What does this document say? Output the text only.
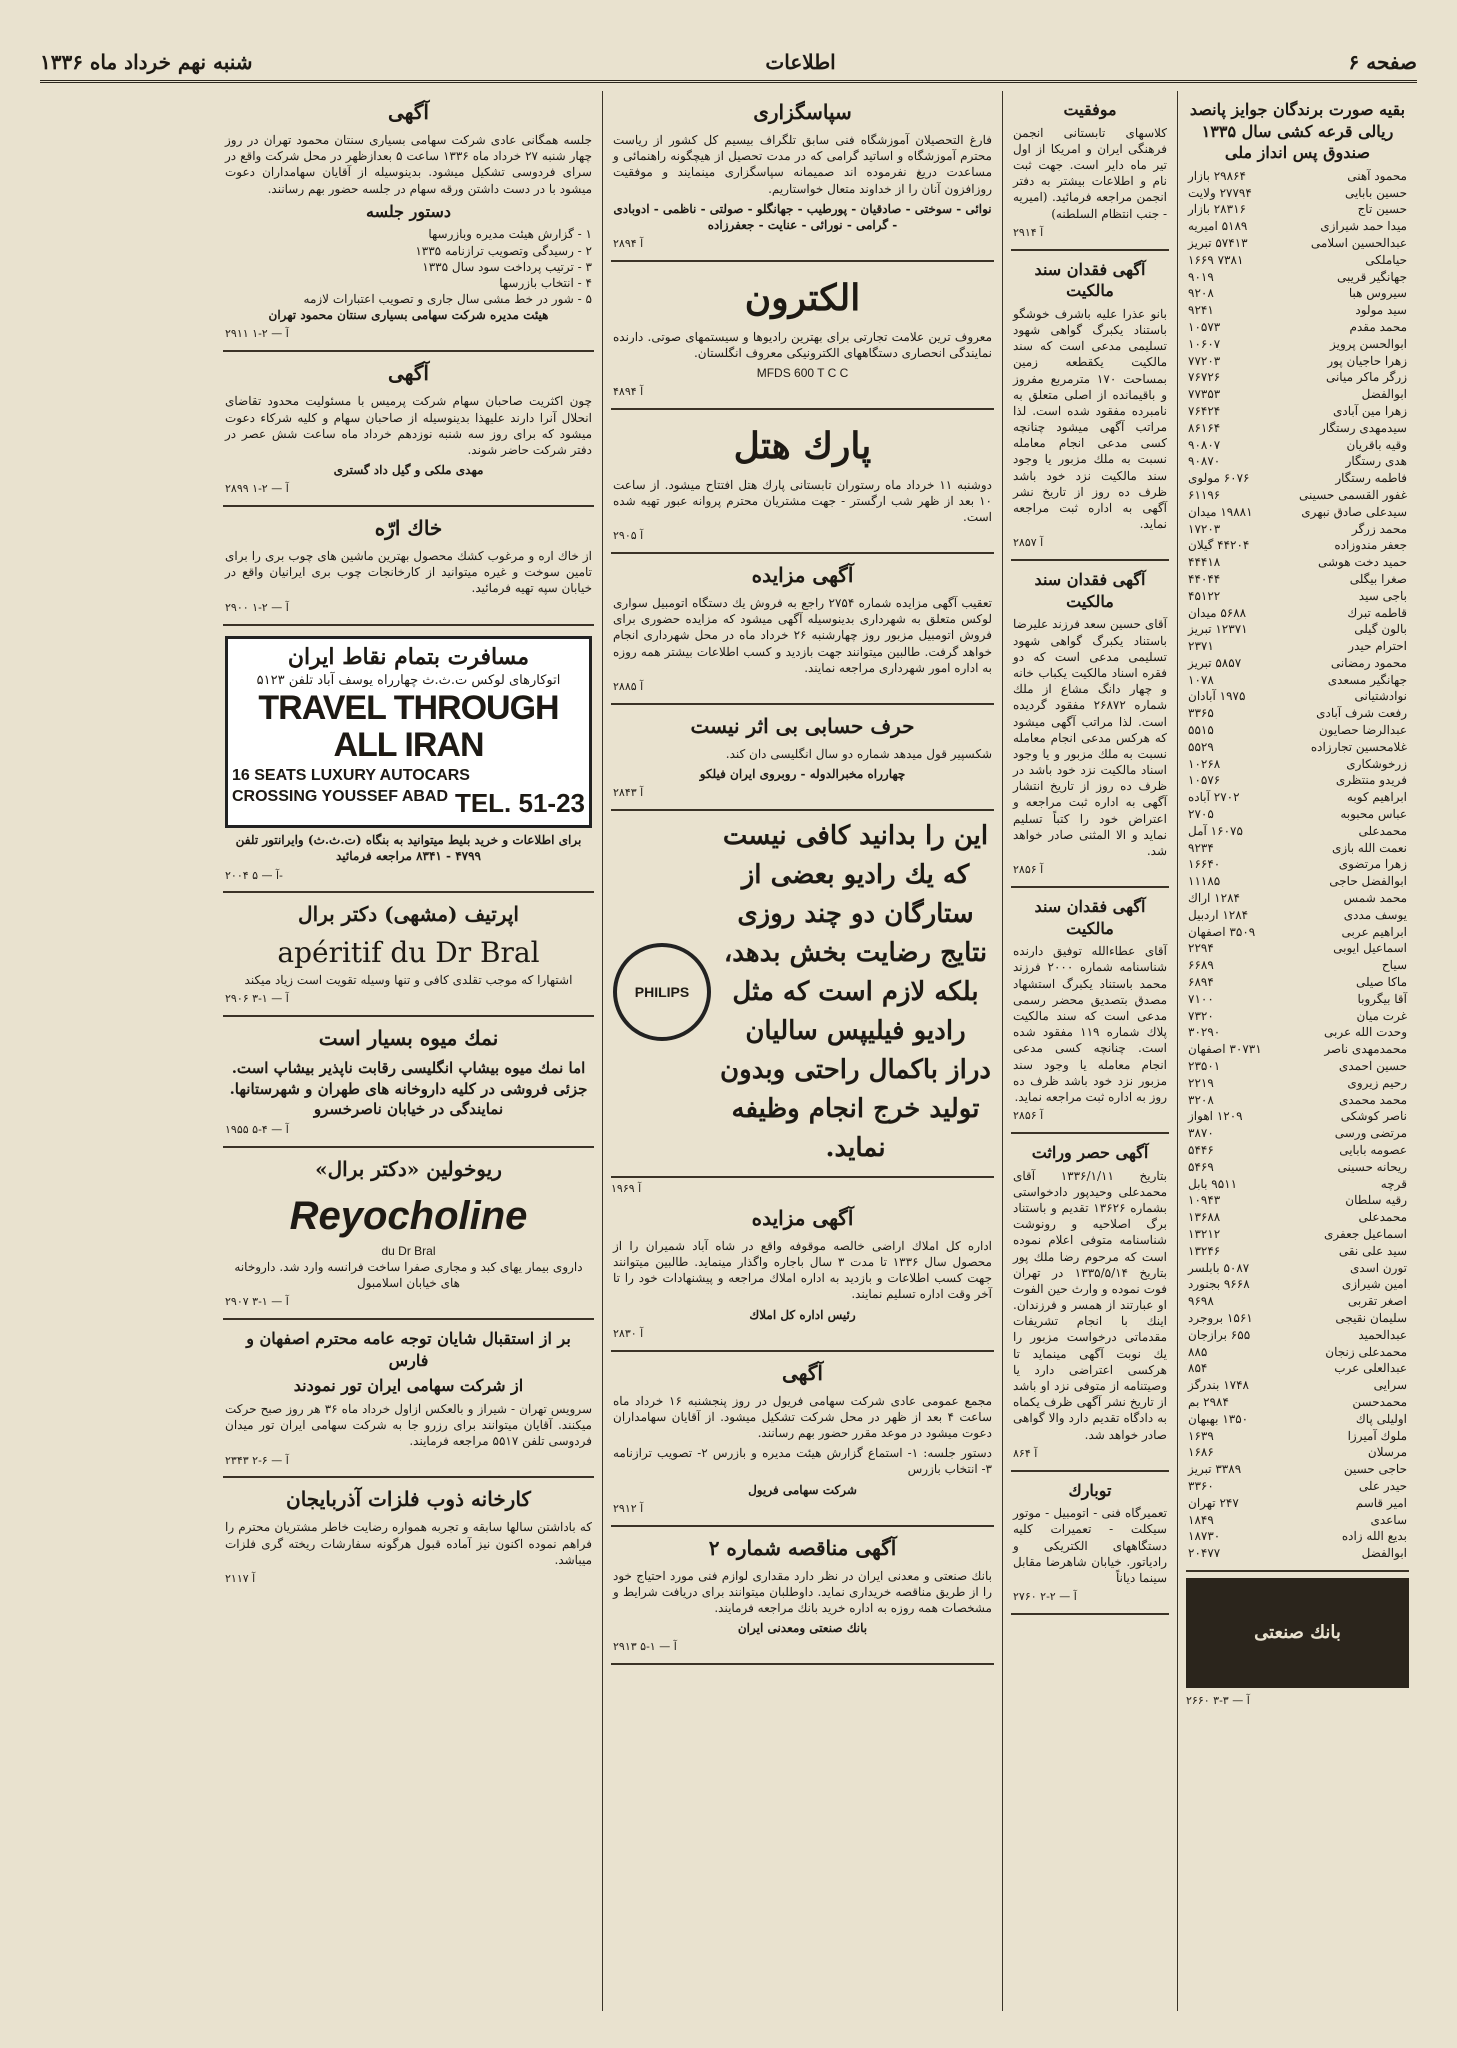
صفحه ۶
اطلاعات
شنبه نهم خرداد ماه ۱۳۳۶
بقيه صورت برندگان جوايز پانصد ريالى قرعه كشى سال ۱۳۳۵ صندوق پس انداز ملى
محمود آهنى
۲۹۸۶۴ بازار
حسين بابايى
۲۷۷۹۴ ولايت
حسين تاج
۲۸۳۱۶ بازار
ميدا حمد شيرازى
۵۱۸۹ اميريه
عبدالحسين اسلامى
۵۷۴۱۳ تبريز
حياملكى
۷۳۸۱ ۱۶۶۹
جهانگير قريبى
۹۰۱۹
سيروس هبا
۹۲۰۸
سيد مولود
۹۲۴۱
محمد مقدم
۱۰۵۷۳
ابوالحسن پرويز
۱۰۶۰۷
زهرا حاجيان پور
۷۷۲۰۳
زرگر ماكر ميانى
۷۶۷۲۶
ابوالفضل
۷۷۳۵۳
زهرا مين آبادى
۷۶۴۲۴
سيدمهدى رستگار
۸۶۱۶۴
وقيه باقريان
۹۰۸۰۷
هدى رستگار
۹۰۸۷۰
فاطمه رستگار
۶۰۷۶ مولوى
غفور القسمى حسينى
۶۱۱۹۶
سيدعلى صادق نبهرى
۱۹۸۸۱ ميدان
محمد زرگر
۱۷۲۰۳
جعفر مندوزاده
۴۴۲۰۴ گيلان
حميد دخت هوشى
۴۴۴۱۸
صغرا بيگلى
۴۴۰۴۴
باجى سيد
۴۵۱۲۲
قاطمه تبرك
۵۶۸۸ ميدان
بالون گيلى
۱۲۳۷۱ تبريز
احترام حيدر
۲۳۷۱
محمود رمضانى
۵۸۵۷ تبريز
جهانگير مسعدى
۱۰۷۸
نوادشتيانى
۱۹۷۵ آبادان
رفعت شرف آبادى
۳۳۶۵
عبدالرضا حصايون
۵۵۱۵
غلامحسين تجارزاده
۵۵۲۹
زرخوشكارى
۱۰۲۶۸
فريدو منتظرى
۱۰۵۷۶
ابراهيم كوبه
۲۷۰۲ آباده
عباس محبوبه
۲۷۰۵
محمدعلى
۱۶۰۷۵ آمل
نعمت الله بازى
۹۲۳۴
زهرا مرتضوى
۱۶۶۴۰
ابوالفضل حاجى
۱۱۱۸۵
محمد شمس
۱۲۸۴ اراك
يوسف مددى
۱۲۸۴ اردبيل
ابراهيم عربى
۳۵۰۹ اصفهان
اسماعيل ايوبى
۲۲۹۴
سياح
۶۶۸۹
ماكا صيلى
۶۸۹۴
آقا بيگروبا
۷۱۰۰
غرت ميان
۷۳۲۰
وحدت الله عربى
۳۰۲۹۰
محمدمهدى ناصر
۳۰۷۳۱ اصفهان
حسين احمدى
۲۳۵۰۱
رحيم زيروى
۲۲۱۹
محمد محمدى
۳۲۰۸
ناصر كوشكى
۱۲۰۹ اهواز
مرتضى ورسى
۳۸۷۰
عصومه بابايى
۵۴۴۶
ريحانه حسينى
۵۴۶۹
قرچه
۹۵۱۱ بابل
رقيه سلطان
۱۰۹۴۳
محمدعلى
۱۳۶۸۸
اسماعيل جعفرى
۱۳۲۱۲
سيد على نقى
۱۳۲۴۶
تورن اسدى
۵۰۸۷ بابلسر
امين شيرازى
۹۶۶۸ بجنورد
اصغر تقربى
۹۶۹۸
سليمان نقيجى
۱۵۶۱ بروجرد
عبدالحميد
۶۵۵ برازجان
محمدعلى زنجان
۸۸۵
عبدالعلى عرب
۸۵۴
سرايى
۱۷۴۸ بندرگز
محمدحسن
۲۹۸۴ بم
اوليلى پاك
۱۳۵۰ بهبهان
ملوك آميرزا
۱۶۳۹
مرسلان
۱۶۸۶
حاجى حسين
۳۳۸۹ تبريز
حيدر على
۳۳۶۰
امير قاسم
۲۴۷ تهران
ساعدى
۱۸۴۹
بديع الله زاده
۱۸۷۳۰
ابوالفضل
۲۰۴۷۷
بانك صنعتى
۲۶۶۰ آ — ۳-۳
موفقيت

كلاسهاى تابستانى انجمن فرهنگى ايران و امريكا از اول تير ماه داير است. جهت ثبت نام و اطلاعات بيشتر به دفتر انجمن مراجعه فرمائيد. (اميريه - جنب انتظام السلطنه)

۲۹۱۴ آ
آگهى فقدان سند مالكيت

بانو عذرا عليه باشرف خوشگو باستناد يكبرگ گواهى شهود تسليمى مدعى است كه سند مالكيت يكقطعه زمين بمساحت ۱۷۰ مترمربع مفروز و باقيمانده از اصلى متعلق به نامبرده مفقود شده است. لذا مراتب آگهى ميشود چنانچه كسى مدعى انجام معامله نسبت به ملك مزبور يا وجود سند مالكيت نزد خود باشد ظرف ده روز از تاريخ نشر آگهى به اداره ثبت مراجعه نمايد.

۲۸۵۷ آ
آگهى فقدان سند مالكيت

آقاى حسين سعد فرزند عليرضا باستناد يكبرگ گواهى شهود تسليمى مدعى است كه دو فقره اسناد مالكيت يكباب خانه و چهار دانگ مشاع از ملك شماره ۲۶۸۷۲ مفقود گرديده است. لذا مراتب آگهى ميشود كه هركس مدعى انجام معامله نسبت به ملك مزبور و يا وجود اسناد مالكيت نزد خود باشد در ظرف ده روز از تاريخ انتشار آگهى به اداره ثبت مراجعه و اعتراض خود را كتباً تسليم نمايد و الا المثنى صادر خواهد شد.

۲۸۵۶ آ
آگهى فقدان سند مالكيت

آقاى عطاءالله توفيق دارنده شناسنامه شماره ۲۰۰۰ فرزند محمد باستناد يكبرگ استشهاد مصدق بتصديق محضر رسمى مدعى است كه سند مالكيت پلاك شماره ۱۱۹ مفقود شده است. چنانچه كسى مدعى انجام معامله يا وجود سند مزبور نزد خود باشد ظرف ده روز به اداره ثبت مراجعه نمايد.

۲۸۵۶ آ
آگهى حصر وراثت

بتاريخ ۱۳۳۶/۱/۱۱ آقاى محمدعلى وحيدپور دادخواستى بشماره ۱۳۶۲۶ تقديم و باستناد برگ اصلاحيه و رونوشت شناسنامه متوفى اعلام نموده است كه مرحوم رضا ملك پور بتاريخ ۱۳۳۵/۵/۱۴ در تهران فوت نموده و وارث حين الفوت او عبارتند از همسر و فرزندان. اينك با انجام تشريفات مقدماتى درخواست مزبور را يك نوبت آگهى مينمايد تا هركسى اعتراضى دارد يا وصيتنامه از متوفى نزد او باشد از تاريخ نشر آگهى ظرف يكماه به دادگاه تقديم دارد والا گواهى صادر خواهد شد.

۸۶۴ آ
توبارك

تعميرگاه فنى - اتومبيل - موتور سيكلت - تعميرات كليه دستگاههاى الكتريكى و رادياتور. خيابان شاهرضا مقابل سينما دياناً

۲۷۶۰ آ — ۲-۲
سپاسگزارى

فارغ التحصيلان آموزشگاه فنى سابق تلگراف بيسيم كل كشور از رياست محترم آموزشگاه و اساتيد گرامى كه در مدت تحصيل از هيچگونه راهنمائى و مساعدت دريغ نفرموده اند صميمانه سپاسگزارى مينمايند و موفقيت روزافزون آنان را از خداوند متعال خواستاريم.

نوائى - سوختى - صادقيان - پورطيب - جهانگلو - صولتى - ناظمى - ادوبادى - گرامى - نورائى - عنايت - جعفرزاده

۲۸۹۴ آ
الكترون

معروف ترين علامت تجارتى براى بهترين راديوها و سيستمهاى صوتى. دارنده نمايندگى انحصارى دستگاههاى الكترونيكى معروف انگلستان.

MFDS 600 T C C
۴۸۹۴ آ
پارك هتل

دوشنبه ۱۱ خرداد ماه رستوران تابستانى پارك هتل افتتاح ميشود. از ساعت ۱۰ بعد از ظهر شب ارگستر - جهت مشتريان محترم پروانه عبور تهيه شده است.

۲۹۰۵ آ
آگهى مزايده

تعقيب آگهى مزايده شماره ۲۷۵۴ راجع به فروش يك دستگاه اتومبيل سوارى لوكس متعلق به شهردارى بدينوسيله آگهى ميشود كه مزايده حضورى براى فروش اتومبيل مزبور روز چهارشنبه ۲۶ خرداد ماه در محل شهردارى انجام خواهد گرفت. طالبين ميتوانند جهت بازديد و كسب اطلاعات بيشتر همه روزه به اداره امور شهردارى مراجعه نمايند.

۲۸۸۵ آ
حرف حسابى بى اثر نيست

شكسپير قول ميدهد شماره دو سال انگليسى دان كند.

چهارراه مخبرالدوله - روبروى ايران فيلكو

۲۸۴۳ آ
اين را بدانيد كافى نيست كه يك راديو بعضى از ستارگان دو چند روزى نتايج رضايت بخش بدهد، بلكه لازم است كه مثل راديو فيليپس ساليان دراز باكمال راحتى وبدون توليد خرج انجام وظيفه نمايد.
PHILIPS
۱۹۶۹ آ
آگهى مزايده

اداره كل املاك اراضى خالصه موقوفه واقع در شاه آباد شميران را از محصول سال ۱۳۳۶ تا مدت ۳ سال باجاره واگذار مينمايد. طالبين ميتوانند جهت كسب اطلاعات و بازديد به اداره املاك مراجعه و پيشنهادات خود را تا آخر وقت اداره تسليم نمايند.

رئيس اداره كل املاك

۲۸۳۰ آ
آگهى

مجمع عمومى عادى شركت سهامى فريول در روز پنجشنبه ۱۶ خرداد ماه ساعت ۴ بعد از ظهر در محل شركت تشكيل ميشود. از آقايان سهامداران دعوت ميشود در موعد مقرر حضور بهم رسانند.

دستور جلسه: ۱- استماع گزارش هيئت مديره و بازرس ۲- تصويب ترازنامه ۳- انتخاب بازرس

شركت سهامى فريول

۲۹۱۲ آ
آگهى مناقصه شماره ۲

بانك صنعتى و معدنى ايران در نظر دارد مقدارى لوازم فنى مورد احتياج خود را از طريق مناقصه خريدارى نمايد. داوطلبان ميتوانند براى دريافت شرايط و مشخصات همه روزه به اداره خريد بانك مراجعه فرمايند.

بانك صنعتى ومعدنى ايران

۲۹۱۳ آ — ۱-۵
آگهى

جلسه همگانى عادى شركت سهامى بسيارى سنتان محمود تهران در روز چهار شنبه ۲۷ خرداد ماه ۱۳۳۶ ساعت ۵ بعدازظهر در محل شركت واقع در سراى فردوسى تشكيل ميشود. بدينوسيله از آقايان سهامداران دعوت ميشود با در دست داشتن ورقه سهام در جلسه حضور بهم رسانند.

دستور جلسه
۱ - گزارش هيئت مديره وبازرسها
۲ - رسيدگى وتصويب ترازنامه ۱۳۳۵
۳ - ترتيب پرداخت سود سال ۱۳۳۵
۴ - انتخاب بازرسها
۵ - شور در خط مشى سال جارى و تصويب اعتبارات لازمه

هيئت مديره شركت سهامى بسيارى سنتان محمود تهران

۲۹۱۱ آ — ۲-۱
آگهى

چون اكثريت صاحبان سهام شركت پرميس با مسئوليت محدود تقاضاى انحلال آنرا دارند عليهذا بدينوسيله از صاحبان سهام و كليه شركاء دعوت ميشود كه براى روز سه شنبه نوزدهم خرداد ماه ساعت شش عصر در دفتر شركت حاضر شوند.

مهدى ملكى و گيل داد گسترى

۲۸۹۹ آ — ۲-۱
خاك ارّه

از خاك اره و مرغوب كشك محصول بهترين ماشين هاى چوب برى را براى تامين سوخت و غيره ميتوانيد از كارخانجات چوب برى ايرانيان واقع در خيابان سپه تهيه فرمائيد.

۲۹۰۰ آ — ۲-۱
مسافرت بتمام نقاط ايران
اتوكارهاى لوكس ت.ث.ث چهارراه يوسف آباد تلفن ۵۱۲۳
TRAVEL THROUGH ALL IRAN
16 SEATS LUXURY AUTOCARS
CROSSING YOUSSEF ABAD TEL. 51-23

براى اطلاعات و خريد بليط ميتوانيد به بنگاه (ت.ث.ث) وايرانتور تلفن ۴۷۹۹ - ۸۳۴۱ مراجعه فرمائيد

۲۰۰۴ آ — ۵-
اپرتيف (مشهى) دكتر برال
apéritif du Dr Bral

اشتهارا كه موجب تقلدى كافى و تنها وسيله تقويت است زياد ميكند

۲۹۰۶ آ — ۱-۳
نمك ميوه بسيار است

اما نمك ميوه بيشاپ انگليسى رقابت ناپذير بيشاپ است. جزئى فروشى در كليه داروخانه هاى طهران و شهرستانها. نمايندگى در خيابان ناصرخسرو

۱۹۵۵ آ — ۴-۵
ريوخولين «دكتر برال»
Reyocholine
du Dr Bral

داروى بيمار يهاى كبد و مجارى صفرا ساخت فرانسه وارد شد. داروخانه هاى خيابان اسلامبول

۲۹۰۷ آ — ۱-۳
بر از استقبال شايان توجه عامه محترم اصفهان و فارس
از شركت سهامى ايران تور نمودند

سرويس تهران - شيراز و بالعكس ازاول خرداد ماه ۳۶ هر روز صبح حركت ميكنند. آقايان ميتوانند براى رزرو جا به شركت سهامى ايران تور ميدان فردوسى تلفن ۵۵۱۷ مراجعه فرمايند.

۲۳۴۳ آ — ۶-۲
كارخانه ذوب فلزات آذربايجان

كه باداشتن سالها سابقه و تجربه همواره رضايت خاطر مشتريان محترم را فراهم نموده اكنون نيز آماده قبول هرگونه سفارشات ريخته گرى فلزات ميباشد.

۲۱۱۷ آ
